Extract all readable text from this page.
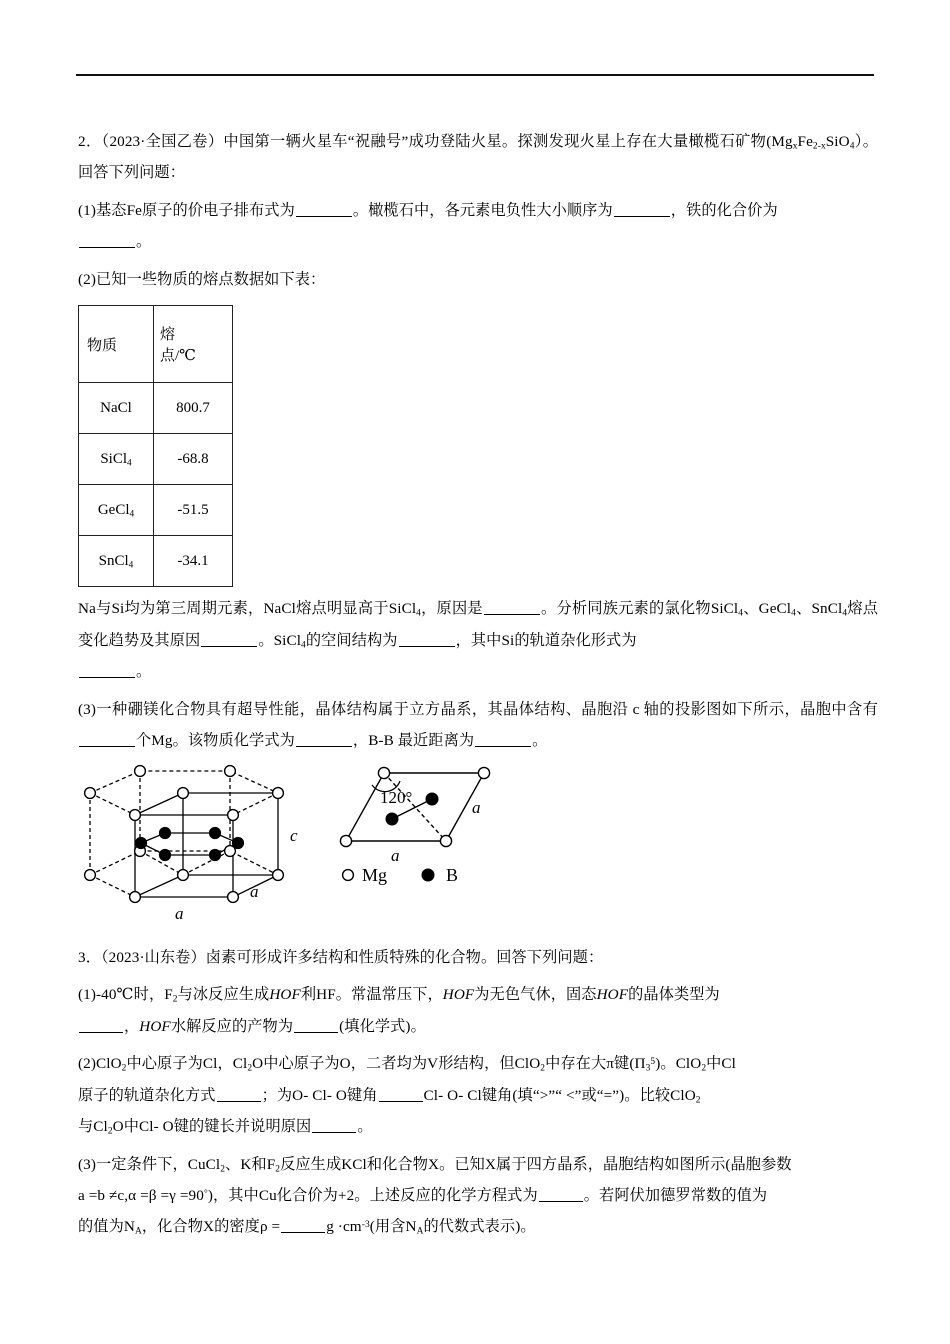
2．（2023·全国乙卷）中国第一辆火星车“祝融号”成功登陆火星。探测发现火星上存在大量橄榄石矿物$(Mg_xFe_{2-x}SiO_4)$。回答下列问题：

(1)基态Fe原子的价电子排布式为	。橄榄石中，各元素电负性大小顺序为	，铁的化合价为
。

(2)已知一些物质的熔点数据如下表：

物质	熔
点/℃
NaCl	800.7
SiCl$_4$	-68.8
GeCl$_4$	-51.5
SnCl$_4$	-34.1

Na与Si均为第三周期元素，NaCl熔点明显高于SiCl$_4$，原因是	。分析同族元素的氯化物SiCl$_4$、GeCl$_4$、SnCl$_4$熔点变化趋势及其原因	。SiCl$_4$的空间结构为	，其中Si的轨道杂化形式为
。

(3)一种硼镁化合物具有超导性能，晶体结构属于立方晶系，其晶体结构、晶胞沿 c 轴的投影图如下所示，晶胞中含有个Mg。该物质化学式为	，B-B 最近距离为	。

a
a
c
120°
a
a
Mg	B

3．（2023·山东卷）卤素可形成许多结构和性质特殊的化合物。回答下列问题：

(1)-40℃时，$F_2$与冰反应生成HOF利HF。常温常压下，HOF为无色气休，固态HOF的晶体类型为
，HOF水解反应的产物为	(填化学式)。

(2)ClO$_2$中心原子为Cl，$Cl_2O$中心原子为O，二者均为V形结构，但ClO$_2$中存在大π键$(\Pi_3^5)$。ClO$_2$中Cl
原子的轨道杂化方式	；为O- Cl- O键角	Cl- O- Cl键角(填“>”“ <”或“=”)。比较ClO$_2$
与$Cl_2O$中Cl- O键的键长并说明原因	。

(3)一定条件下，CuCl$_2$、K和$F_2$反应生成KCl和化合物X。已知X属于四方晶系，晶胞结构如图所示(晶胞参数
a =b ≠c,α =β =γ =90°)，其中Cu化合价为+2。上述反应的化学方程式为	。若阿伏加德罗常数的值为
的值为$N_A$，化合物X的密度ρ =	$g \cdot cm^{-3}$(用含$N_A$的代数式表示)。
